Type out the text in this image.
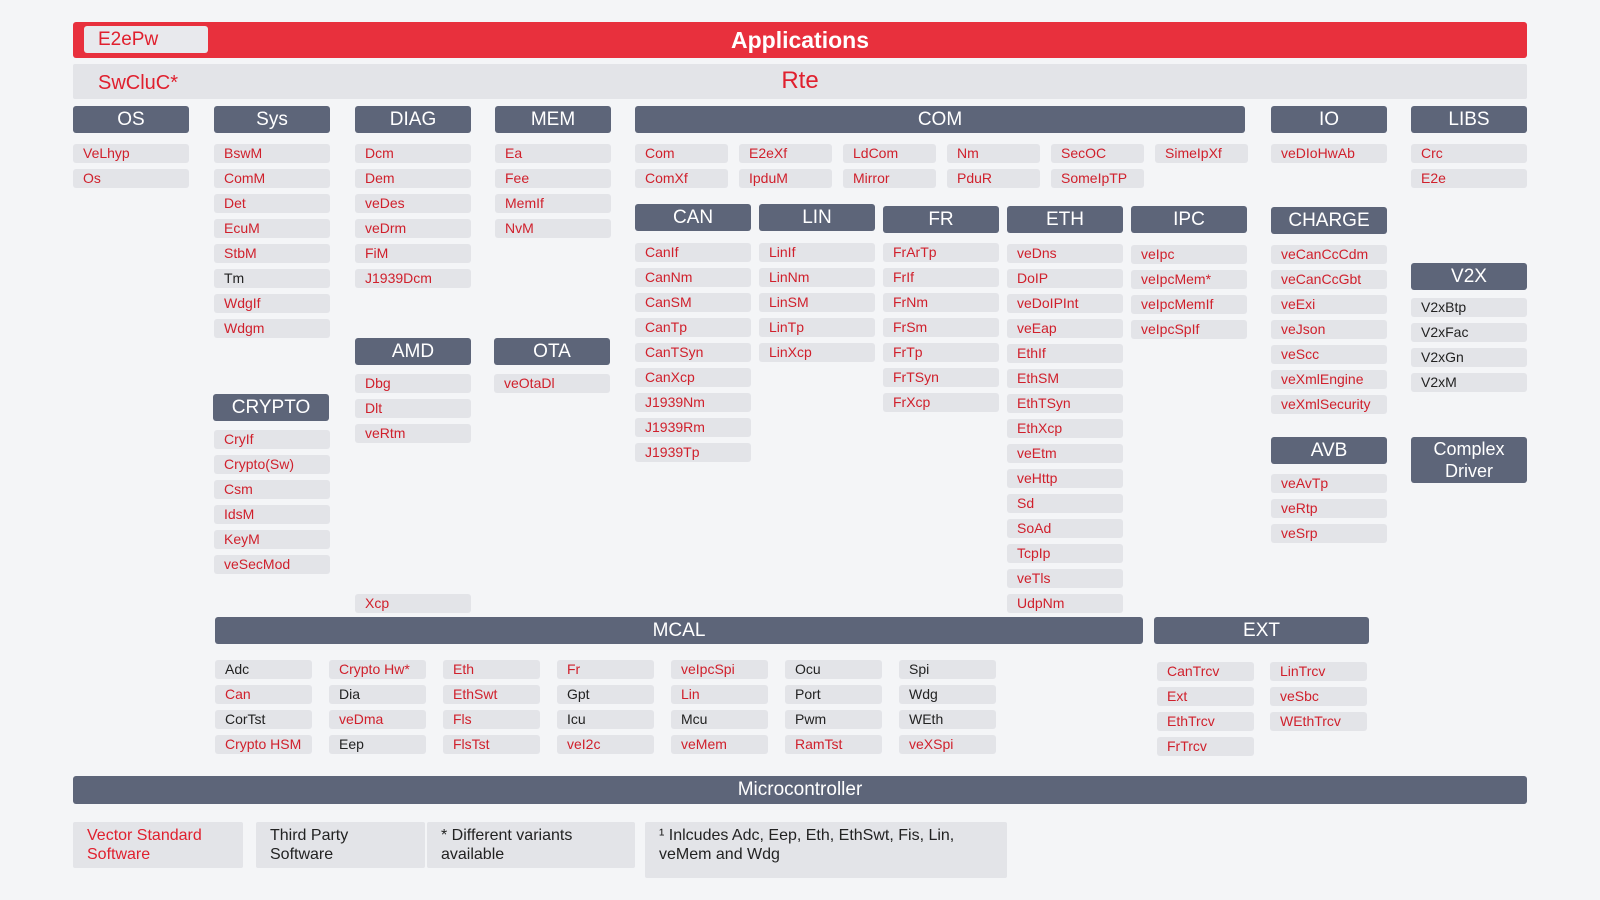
Applications
E2ePw
SwCluC*	Rte
OS
VeLhyp
Os
Sys
BswM
ComM
Det
EcuM
StbM
Tm
WdgIf
Wdgm
DIAG
Dcm
Dem
veDes
veDrm
FiM
J1939Dcm
MEM
Ea
Fee
MemIf
NvM
COM
Com	E2eXf	LdCom	Nm	SecOC	SimeIpXf
ComXf	IpduM	Mirror	PduR	SomeIpTP
IO
veDIoHwAb
LIBS
Crc
E2e
AMD
Dbg
Dlt
veRtm
OTA
veOtaDl
CRYPTO
CryIf
Crypto(Sw)
Csm
IdsM
KeyM
veSecMod
CAN
CanIf
CanNm
CanSM
CanTp
CanTSyn
CanXcp
J1939Nm
J1939Rm
J1939Tp
LIN
LinIf
LinNm
LinSM
LinTp
LinXcp
FR
FrArTp
FrIf
FrNm
FrSm
FrTp
FrTSyn
FrXcp
ETH
veDns
DoIP
veDoIPInt
veEap
EthIf
EthSM
EthTSyn
EthXcp
veEtm
veHttp
Sd
SoAd
TcpIp
veTls
UdpNm
IPC
veIpc
veIpcMem*
veIpcMemIf
veIpcSpIf
CHARGE
veCanCcCdm
veCanCcGbt
veExi
veJson
veScc
veXmlEngine
veXmlSecurity
V2X
V2xBtp
V2xFac
V2xGn
V2xM
AVB
veAvTp
veRtp
veSrp
Complex
Driver
MCAL
Adc
Can
CorTst
Crypto HSM
Crypto Hw*
Dia
veDma
Eep
Eth
EthSwt
Fls
FlsTst
Fr
Gpt
Icu
veI2c
veIpcSpi
Lin
Mcu
veMem
Ocu
Port
Pwm
RamTst
Spi
Wdg
WEth
veXSpi
EXT
CanTrcv
Ext
EthTrcv
FrTrcv
LinTrcv
veSbc
WEthTrcv
Xcp
Microcontroller
Vector Standard
Software
Third Party
Software
* Different variants
available
¹ Inlcudes Adc, Eep, Eth, EthSwt, Fis, Lin,
veMem and Wdg
